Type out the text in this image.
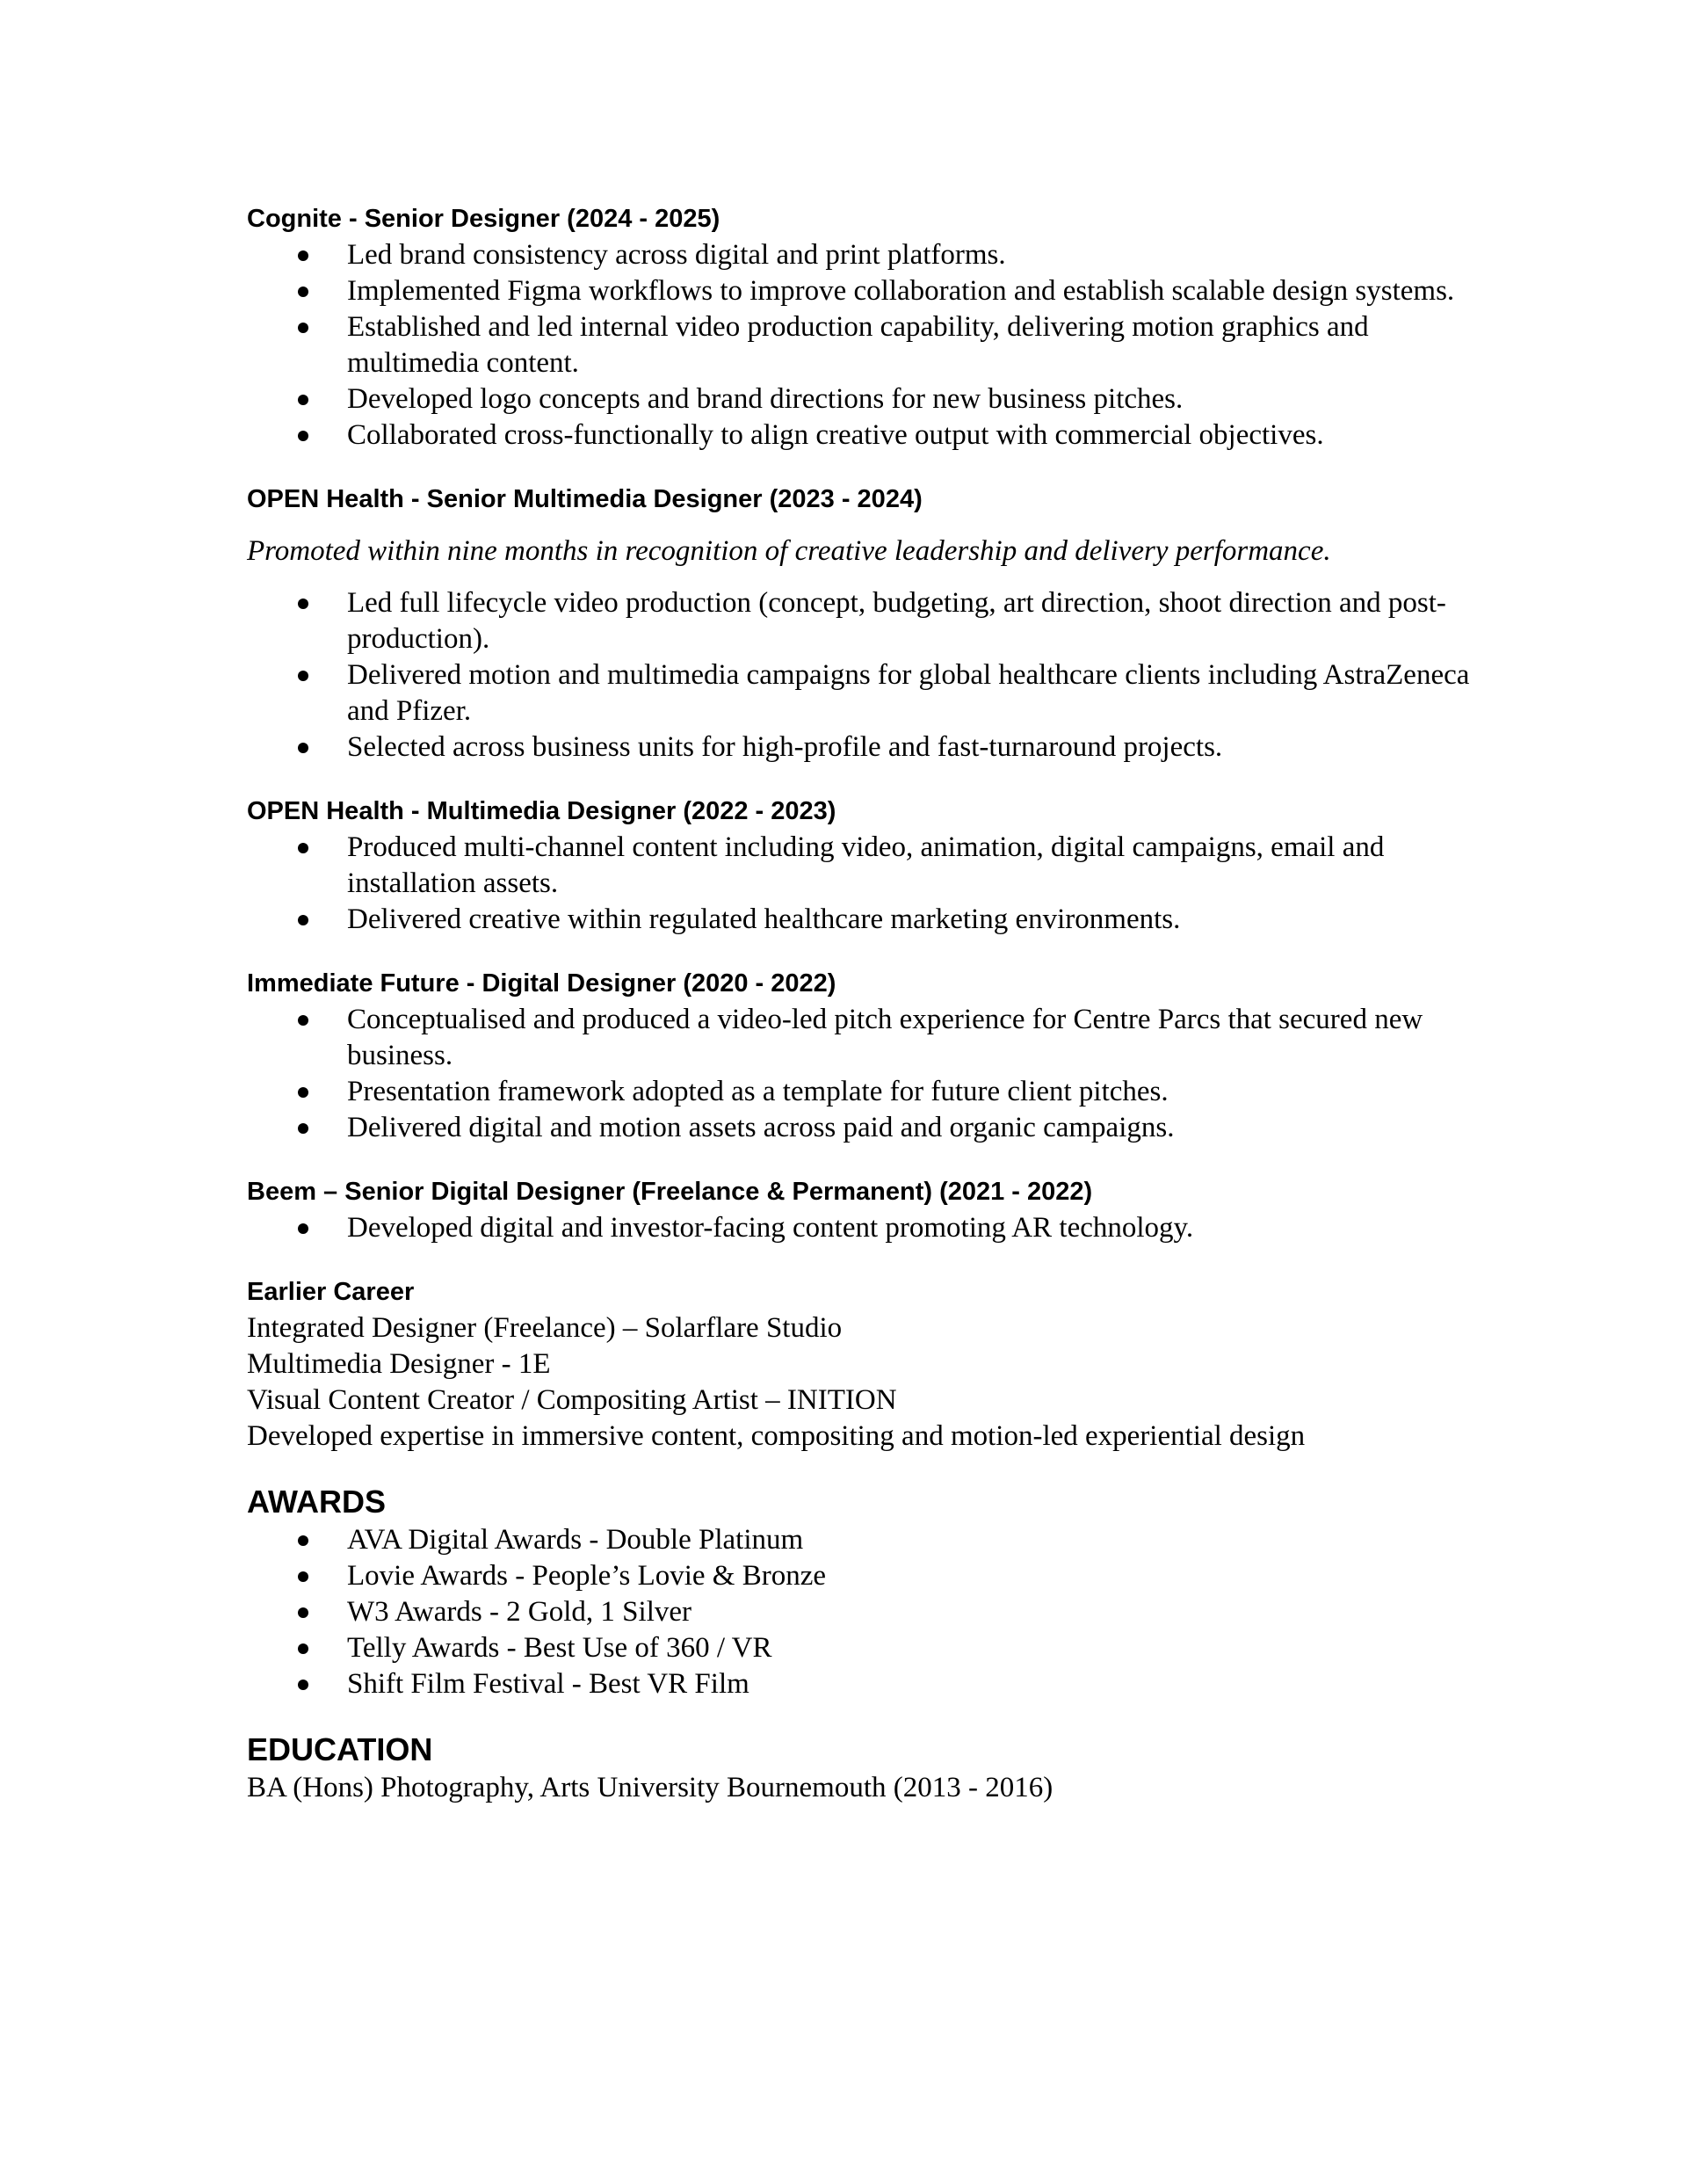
Cognite - Senior Designer (2024 - 2025)

Led brand consistency across digital and print platforms.
Implemented Figma workflows to improve collaboration and establish scalable design systems.
Established and led internal video production capability, delivering motion graphics and multimedia content.
Developed logo concepts and brand directions for new business pitches.
Collaborated cross-functionally to align creative output with commercial objectives.

OPEN Health - Senior Multimedia Designer (2023 - 2024)

Promoted within nine months in recognition of creative leadership and delivery performance.

Led full lifecycle video production (concept, budgeting, art direction, shoot direction and post-production).
Delivered motion and multimedia campaigns for global healthcare clients including AstraZeneca and Pfizer.
Selected across business units for high-profile and fast-turnaround projects.

OPEN Health - Multimedia Designer (2022 - 2023)

Produced multi-channel content including video, animation, digital campaigns, email and installation assets.
Delivered creative within regulated healthcare marketing environments.

Immediate Future - Digital Designer (2020 - 2022)

Conceptualised and produced a video-led pitch experience for Centre Parcs that secured new business.
Presentation framework adopted as a template for future client pitches.
Delivered digital and motion assets across paid and organic campaigns.

Beem – Senior Digital Designer (Freelance & Permanent) (2021 - 2022)

Developed digital and investor-facing content promoting AR technology.

Earlier Career

Integrated Designer (Freelance) – Solarflare Studio

Multimedia Designer - 1E

Visual Content Creator / Compositing Artist – INITION

Developed expertise in immersive content, compositing and motion-led experiential design

AWARDS

AVA Digital Awards - Double Platinum
Lovie Awards - People’s Lovie & Bronze
W3 Awards - 2 Gold, 1 Silver
Telly Awards - Best Use of 360 / VR
Shift Film Festival - Best VR Film

EDUCATION

BA (Hons) Photography, Arts University Bournemouth (2013 - 2016)
